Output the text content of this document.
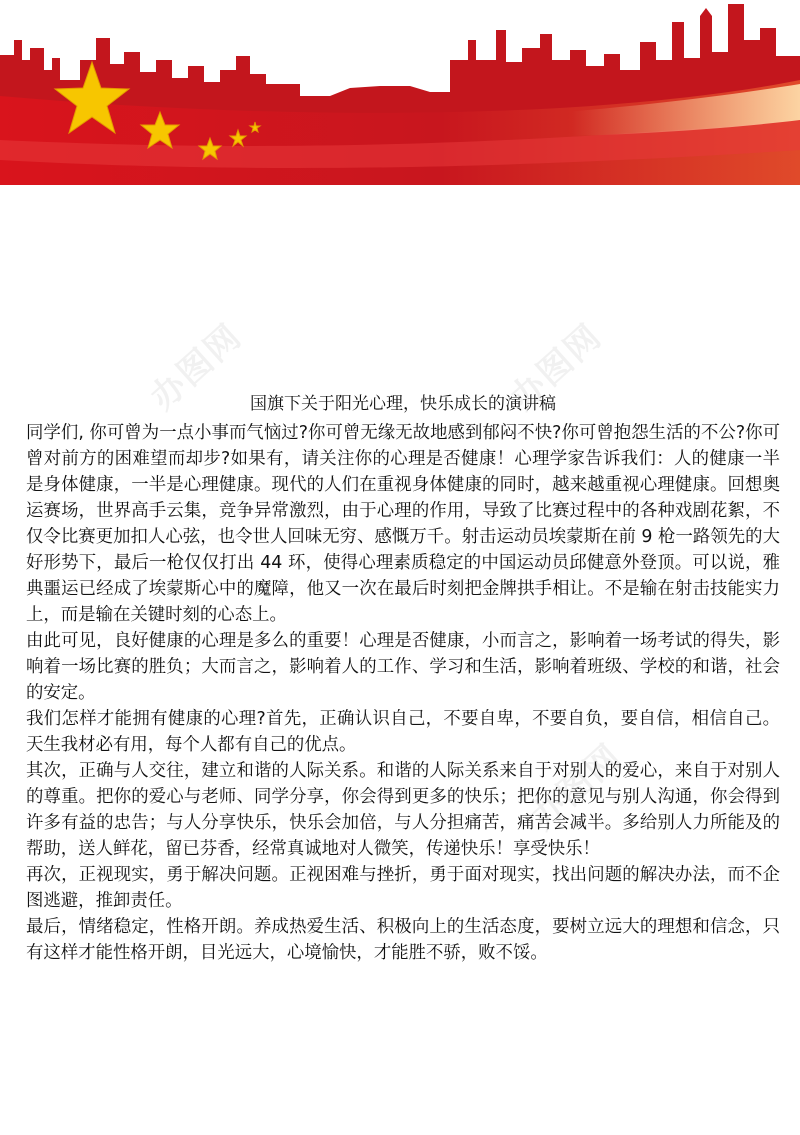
办图网	办图网
办图网
国旗下关于阳光心理，快乐成长的演讲稿

同学们, 你可曾为一点小事而气恼过?你可曾无缘无故地感到郁闷不快?你可曾抱怨生活的不公?你可曾对前方的困难望而却步?如果有，请关注你的心理是否健康！心理学家告诉我们：人的健康一半是身体健康，一半是心理健康。现代的人们在重视身体健康的同时，越来越重视心理健康。回想奥运赛场，世界高手云集，竞争异常激烈，由于心理的作用，导致了比赛过程中的各种戏剧花絮，不仅令比赛更加扣人心弦，也令世人回味无穷、感慨万千。射击运动员埃蒙斯在前 9 枪一路领先的大好形势下，最后一枪仅仅打出 44 环，使得心理素质稳定的中国运动员邱健意外登顶。可以说，雅典噩运已经成了埃蒙斯心中的魔障，他又一次在最后时刻把金牌拱手相让。不是输在射击技能实力上，而是输在关键时刻的心态上。

由此可见，良好健康的心理是多么的重要！心理是否健康，小而言之，影响着一场考试的得失，影响着一场比赛的胜负；大而言之，影响着人的工作、学习和生活，影响着班级、学校的和谐，社会的安定。

我们怎样才能拥有健康的心理?首先，正确认识自己，不要自卑，不要自负，要自信，相信自己。天生我材必有用，每个人都有自己的优点。

其次，正确与人交往，建立和谐的人际关系。和谐的人际关系来自于对别人的爱心，来自于对别人的尊重。把你的爱心与老师、同学分享，你会得到更多的快乐；把你的意见与别人沟通，你会得到许多有益的忠告；与人分享快乐，快乐会加倍，与人分担痛苦，痛苦会减半。多给别人力所能及的帮助，送人鲜花，留已芬香，经常真诚地对人微笑，传递快乐！享受快乐！

再次，正视现实，勇于解决问题。正视困难与挫折，勇于面对现实，找出问题的解决办法，而不企图逃避，推卸责任。

最后，情绪稳定，性格开朗。养成热爱生活、积极向上的生活态度，要树立远大的理想和信念，只有这样才能性格开朗，目光远大，心境愉快，才能胜不骄，败不馁。
